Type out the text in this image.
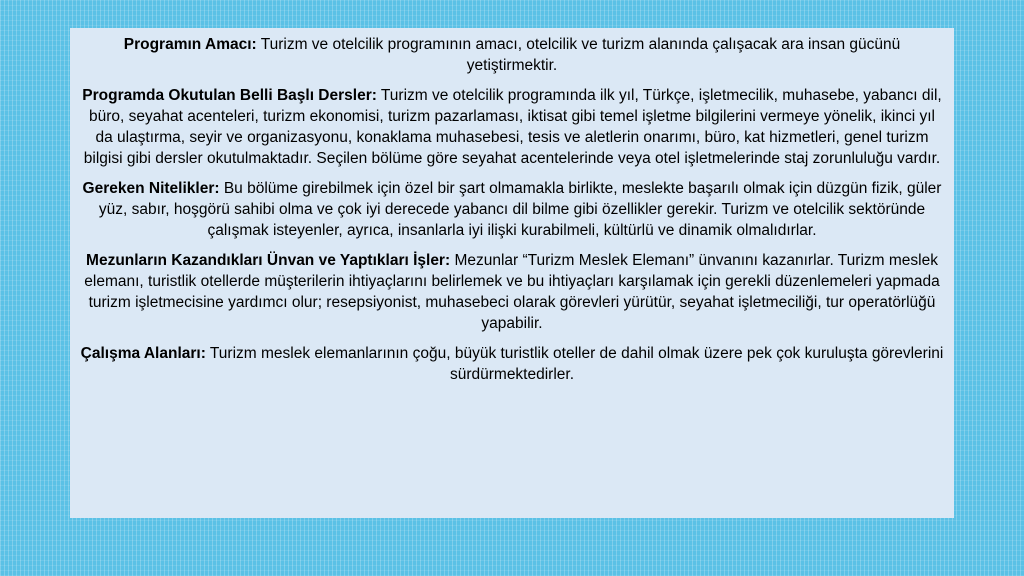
Programın Amacı: Turizm ve otelcilik programının amacı, otelcilik ve turizm alanında çalışacak ara insan gücünü yetiştirmektir.

Programda Okutulan Belli Başlı Dersler: Turizm ve otelcilik programında ilk yıl, Türkçe, işletmecilik, muhasebe, yabancı dil, büro, seyahat acenteleri, turizm ekonomisi, turizm pazarlaması, iktisat gibi temel işletme bilgilerini vermeye yönelik, ikinci yıl da ulaştırma, seyir ve organizasyonu, konaklama muhasebesi, tesis ve aletlerin onarımı, büro, kat hizmetleri, genel turizm bilgisi gibi dersler okutulmaktadır. Seçilen bölüme göre seyahat acentelerinde veya otel işletmelerinde staj zorunluluğu vardır.

Gereken Nitelikler: Bu bölüme girebilmek için özel bir şart olmamakla birlikte, meslekte başarılı olmak için düzgün fizik, güler yüz, sabır, hoşgörü sahibi olma ve çok iyi derecede yabancı dil bilme gibi özellikler gerekir. Turizm ve otelcilik sektöründe çalışmak isteyenler, ayrıca, insanlarla iyi ilişki kurabilmeli, kültürlü ve dinamik olmalıdırlar.

Mezunların Kazandıkları Ünvan ve Yaptıkları İşler: Mezunlar “Turizm Meslek Elemanı” ünvanını kazanırlar. Turizm meslek elemanı, turistlik otellerde müşterilerin ihtiyaçlarını belirlemek ve bu ihtiyaçları karşılamak için gerekli düzenlemeleri yapmada turizm işletmecisine yardımcı olur; resepsiyonist, muhasebeci olarak görevleri yürütür, seyahat işletmeciliği, tur operatörlüğü yapabilir.

Çalışma Alanları: Turizm meslek elemanlarının çoğu, büyük turistlik oteller de dahil olmak üzere pek çok kuruluşta görevlerini sürdürmektedirler.
